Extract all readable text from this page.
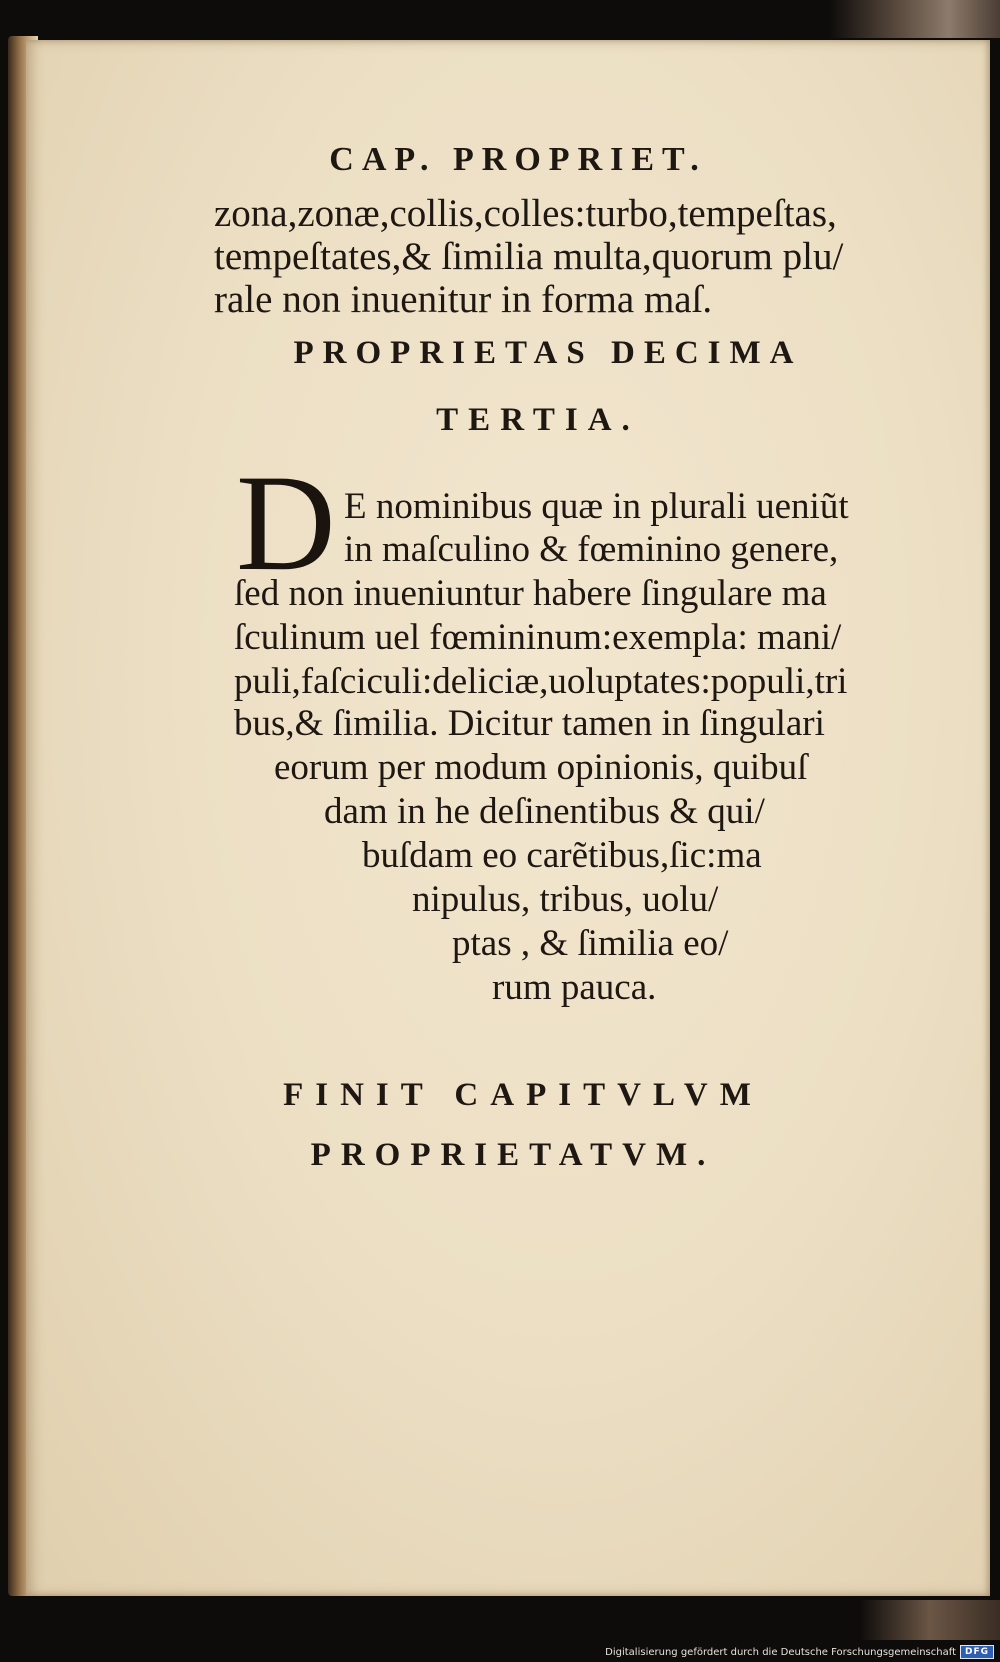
CAP. PROPRIET.
zona,zonæ,collis,colles:turbo,tempeſtas,
tempeſtates,& ſimilia multa,quorum plu/
rale non inuenitur in forma maſ.
PROPRIETAS DECIMA
TERTIA.
D E nominibus quæ in plurali ueniũt
in maſculino & fœminino genere,
ſed non inueniuntur habere ſingulare ma
ſculinum uel fœmininum:exempla: mani/
puli,faſciculi:deliciæ,uoluptates:populi,tri
bus,& ſimilia. Dicitur tamen in ſingulari
eorum per modum opinionis, quibuſ
dam in he deſinentibus & qui/
buſdam eo carẽtibus,ſic:ma
nipulus, tribus, uolu/
ptas , & ſimilia eo/
rum pauca.
FINIT CAPITVLVM
PROPRIETATVM.
Digitalisierung gefördert durch die Deutsche Forschungsgemeinschaft DFG
